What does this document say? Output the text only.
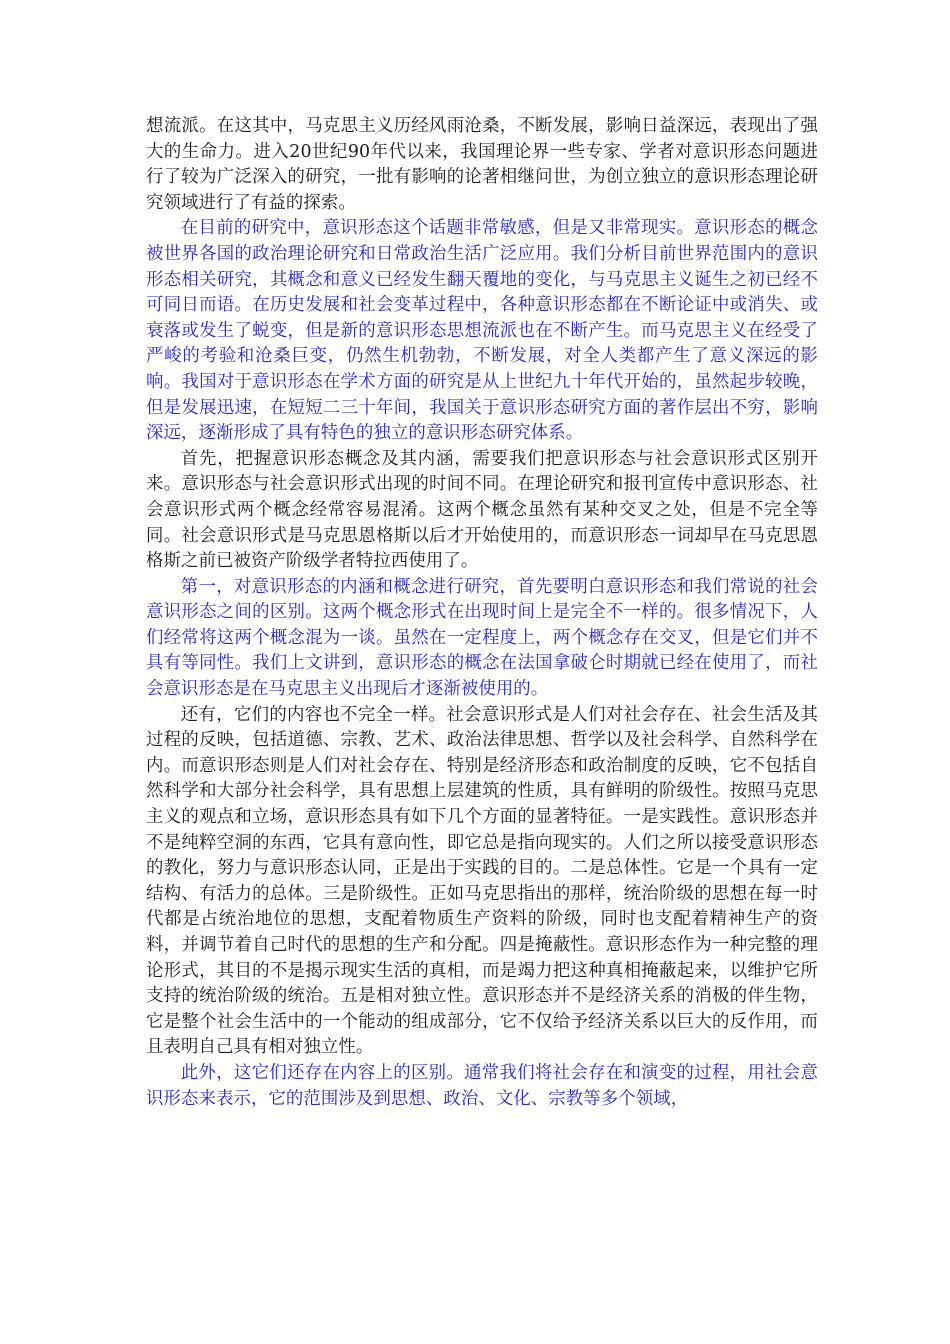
想流派。在这其中，马克思主义历经风雨沧桑，不断发展，影响日益深远，表现出了强大的生命力。进入20世纪90年代以来，我国理论界一些专家、学者对意识形态问题进行了较为广泛深入的研究，一批有影响的论著相继问世，为创立独立的意识形态理论研究领域进行了有益的探索。

在目前的研究中，意识形态这个话题非常敏感，但是又非常现实。意识形态的概念被世界各国的政治理论研究和日常政治生活广泛应用。我们分析目前世界范围内的意识形态相关研究，其概念和意义已经发生翻天覆地的变化，与马克思主义诞生之初已经不可同日而语。在历史发展和社会变革过程中，各种意识形态都在不断论证中或消失、或衰落或发生了蜕变，但是新的意识形态思想流派也在不断产生。而马克思主义在经受了严峻的考验和沧桑巨变，仍然生机勃勃，不断发展，对全人类都产生了意义深远的影响。我国对于意识形态在学术方面的研究是从上世纪九十年代开始的，虽然起步较晚，但是发展迅速，在短短二三十年间，我国关于意识形态研究方面的著作层出不穷，影响深远，逐渐形成了具有特色的独立的意识形态研究体系。

首先，把握意识形态概念及其内涵，需要我们把意识形态与社会意识形式区别开来。意识形态与社会意识形式出现的时间不同。在理论研究和报刊宣传中意识形态、社会意识形式两个概念经常容易混淆。这两个概念虽然有某种交叉之处，但是不完全等同。社会意识形式是马克思恩格斯以后才开始使用的，而意识形态一词却早在马克思恩格斯之前已被资产阶级学者特拉西使用了。

第一，对意识形态的内涵和概念进行研究，首先要明白意识形态和我们常说的社会意识形态之间的区别。这两个概念形式在出现时间上是完全不一样的。很多情况下，人们经常将这两个概念混为一谈。虽然在一定程度上，两个概念存在交叉，但是它们并不具有等同性。我们上文讲到，意识形态的概念在法国拿破仑时期就已经在使用了，而社会意识形态是在马克思主义出现后才逐渐被使用的。

还有，它们的内容也不完全一样。社会意识形式是人们对社会存在、社会生活及其过程的反映，包括道德、宗教、艺术、政治法律思想、哲学以及社会科学、自然科学在内。而意识形态则是人们对社会存在、特别是经济形态和政治制度的反映，它不包括自然科学和大部分社会科学，具有思想上层建筑的性质，具有鲜明的阶级性。按照马克思主义的观点和立场，意识形态具有如下几个方面的显著特征。一是实践性。意识形态并不是纯粹空洞的东西，它具有意向性，即它总是指向现实的。人们之所以接受意识形态的教化，努力与意识形态认同，正是出于实践的目的。二是总体性。它是一个具有一定结构、有活力的总体。三是阶级性。正如马克思指出的那样，统治阶级的思想在每一时代都是占统治地位的思想，支配着物质生产资料的阶级，同时也支配着精神生产的资料，并调节着自己时代的思想的生产和分配。四是掩蔽性。意识形态作为一种完整的理论形式，其目的不是揭示现实生活的真相，而是竭力把这种真相掩蔽起来，以维护它所支持的统治阶级的统治。五是相对独立性。意识形态并不是经济关系的消极的伴生物，它是整个社会生活中的一个能动的组成部分，它不仅给予经济关系以巨大的反作用，而且表明自己具有相对独立性。

此外，这它们还存在内容上的区别。通常我们将社会存在和演变的过程，用社会意识形态来表示，它的范围涉及到思想、政治、文化、宗教等多个领域，
